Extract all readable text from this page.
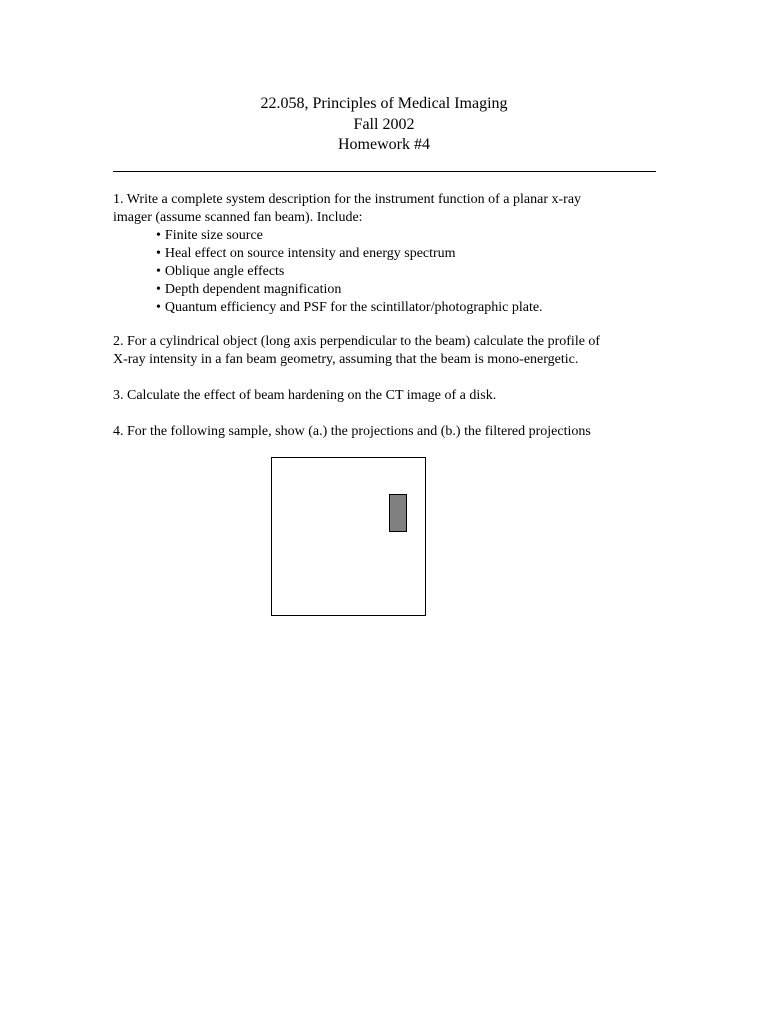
22.058, Principles of Medical Imaging
Fall 2002
Homework #4
1. Write a complete system description for the instrument function of a planar x-ray
imager (assume scanned fan beam). Include:
• Finite size source
• Heal effect on source intensity and energy spectrum
• Oblique angle effects
• Depth dependent magnification
• Quantum efficiency and PSF for the scintillator/photographic plate.
2. For a cylindrical object (long axis perpendicular to the beam) calculate the profile of
X-ray intensity in a fan beam geometry, assuming that the beam is mono-energetic.
3. Calculate the effect of beam hardening on the CT image of a disk.
4. For the following sample, show (a.) the projections and (b.) the filtered projections
